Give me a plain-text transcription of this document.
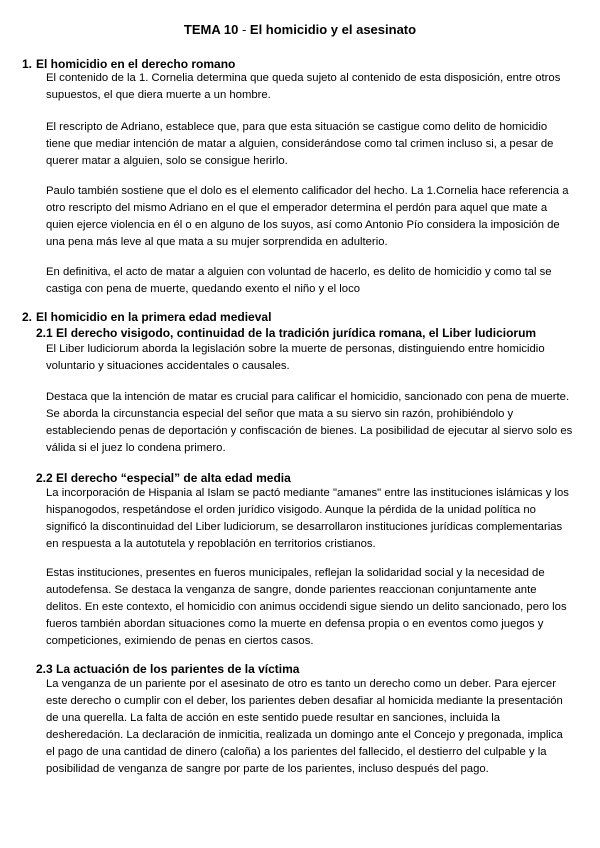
TEMA 10 - El homicidio y el asesinato
1. El homicidio en el derecho romano

El contenido de la 1. Cornelia determina que queda sujeto al contenido de esta disposición, entre otros supuestos, el que diera muerte a un hombre.

El rescripto de Adriano, establece que, para que esta situación se castigue como delito de homicidio tiene que mediar intención de matar a alguien, considerándose como tal crimen incluso si, a pesar de querer matar a alguien, solo se consigue herirlo.

Paulo también sostiene que el dolo es el elemento calificador del hecho. La 1.Cornelia hace referencia a otro rescripto del mismo Adriano en el que el emperador determina el perdón para aquel que mate a quien ejerce violencia en él o en alguno de los suyos, así como Antonio Pío considera la imposición de una pena más leve al que mata a su mujer sorprendida en adulterio.

En definitiva, el acto de matar a alguien con voluntad de hacerlo, es delito de homicidio y como tal se castiga con pena de muerte, quedando exento el niño y el loco

2. El homicidio en la primera edad medieval
2.1 El derecho visigodo, continuidad de la tradición jurídica romana, el Liber ludiciorum

El Liber ludiciorum aborda la legislación sobre la muerte de personas, distinguiendo entre homicidio voluntario y situaciones accidentales o causales.

Destaca que la intención de matar es crucial para calificar el homicidio, sancionado con pena de muerte. Se aborda la circunstancia especial del señor que mata a su siervo sin razón, prohibiéndolo y estableciendo penas de deportación y confiscación de bienes. La posibilidad de ejecutar al siervo solo es válida si el juez lo condena primero.

2.2 El derecho “especial” de alta edad media

La incorporación de Hispania al Islam se pactó mediante "amanes" entre las instituciones islámicas y los hispanogodos, respetándose el orden jurídico visigodo. Aunque la pérdida de la unidad política no significó la discontinuidad del Liber ludiciorum, se desarrollaron instituciones jurídicas complementarias en respuesta a la autotutela y repoblación en territorios cristianos.

Estas instituciones, presentes en fueros municipales, reflejan la solidaridad social y la necesidad de autodefensa. Se destaca la venganza de sangre, donde parientes reaccionan conjuntamente ante delitos. En este contexto, el homicidio con animus occidendi sigue siendo un delito sancionado, pero los fueros también abordan situaciones como la muerte en defensa propia o en eventos como juegos y competiciones, eximiendo de penas en ciertos casos.

2.3 La actuación de los parientes de la víctima

La venganza de un pariente por el asesinato de otro es tanto un derecho como un deber. Para ejercer este derecho o cumplir con el deber, los parientes deben desafiar al homicida mediante la presentación de una querella. La falta de acción en este sentido puede resultar en sanciones, incluida la desheredación. La declaración de inmicitia, realizada un domingo ante el Concejo y pregonada, implica el pago de una cantidad de dinero (caloña) a los parientes del fallecido, el destierro del culpable y la posibilidad de venganza de sangre por parte de los parientes, incluso después del pago.
